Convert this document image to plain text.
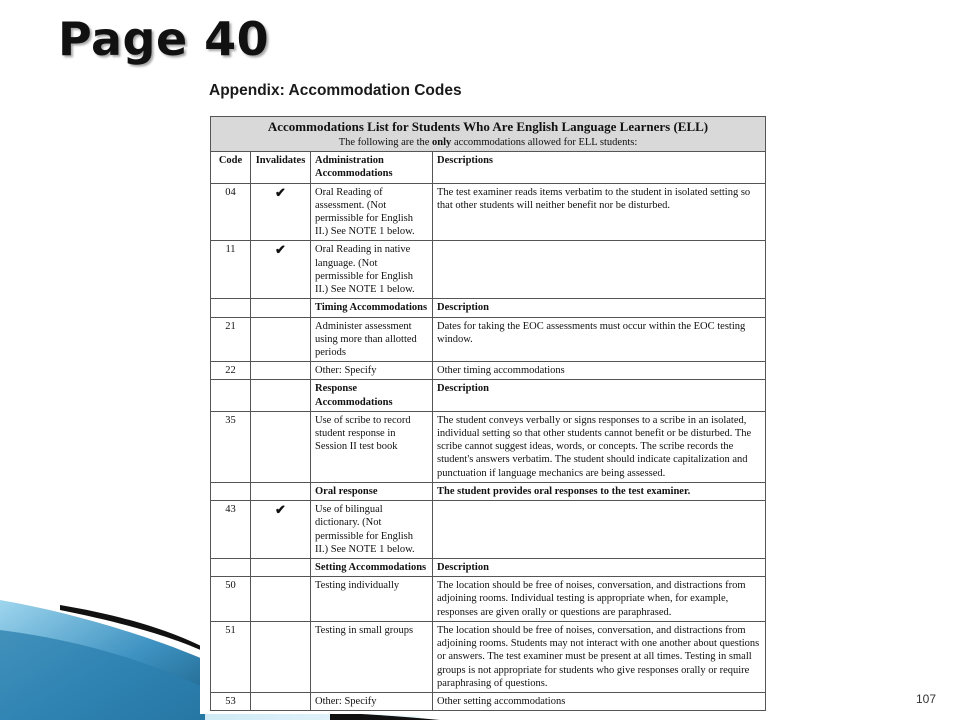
Page 40
Appendix: Accommodation Codes
Accommodations List for Students Who Are English Language Learners (ELL)
The following are the only accommodations allowed for ELL students:			

Code	Invalidates	Administration Accommodations	Descriptions
04	✔	Oral Reading of assessment. (Not permissible for English II.) See NOTE 1 below.	The test examiner reads items verbatim to the student in isolated setting so that other students will neither benefit nor be disturbed.
11	✔	Oral Reading in native language. (Not permissible for English II.) See NOTE 1 below.	
		Timing Accommodations	Description
21		Administer assessment using more than allotted periods	Dates for taking the EOC assessments must occur within the EOC testing window.
22		Other: Specify	Other timing accommodations
		Response Accommodations	Description
35		Use of scribe to record student response in Session II test book	The student conveys verbally or signs responses to a scribe in an isolated, individual setting so that other students cannot benefit or be disturbed. The scribe cannot suggest ideas, words, or concepts. The scribe records the student's answers verbatim. The student should indicate capitalization and punctuation if language mechanics are being assessed.
		Oral response	The student provides oral responses to the test examiner.
43	✔	Use of bilingual dictionary. (Not permissible for English II.) See NOTE 1 below.	
		Setting Accommodations	Description
50		Testing individually	The location should be free of noises, conversation, and distractions from adjoining rooms. Individual testing is appropriate when, for example, responses are given orally or questions are paraphrased.
51		Testing in small groups	The location should be free of noises, conversation, and distractions from adjoining rooms. Students may not interact with one another about questions or answers. The test examiner must be present at all times. Testing in small groups is not appropriate for students who give responses orally or require paraphrasing of questions.
53		Other: Specify	Other setting accommodations	107
